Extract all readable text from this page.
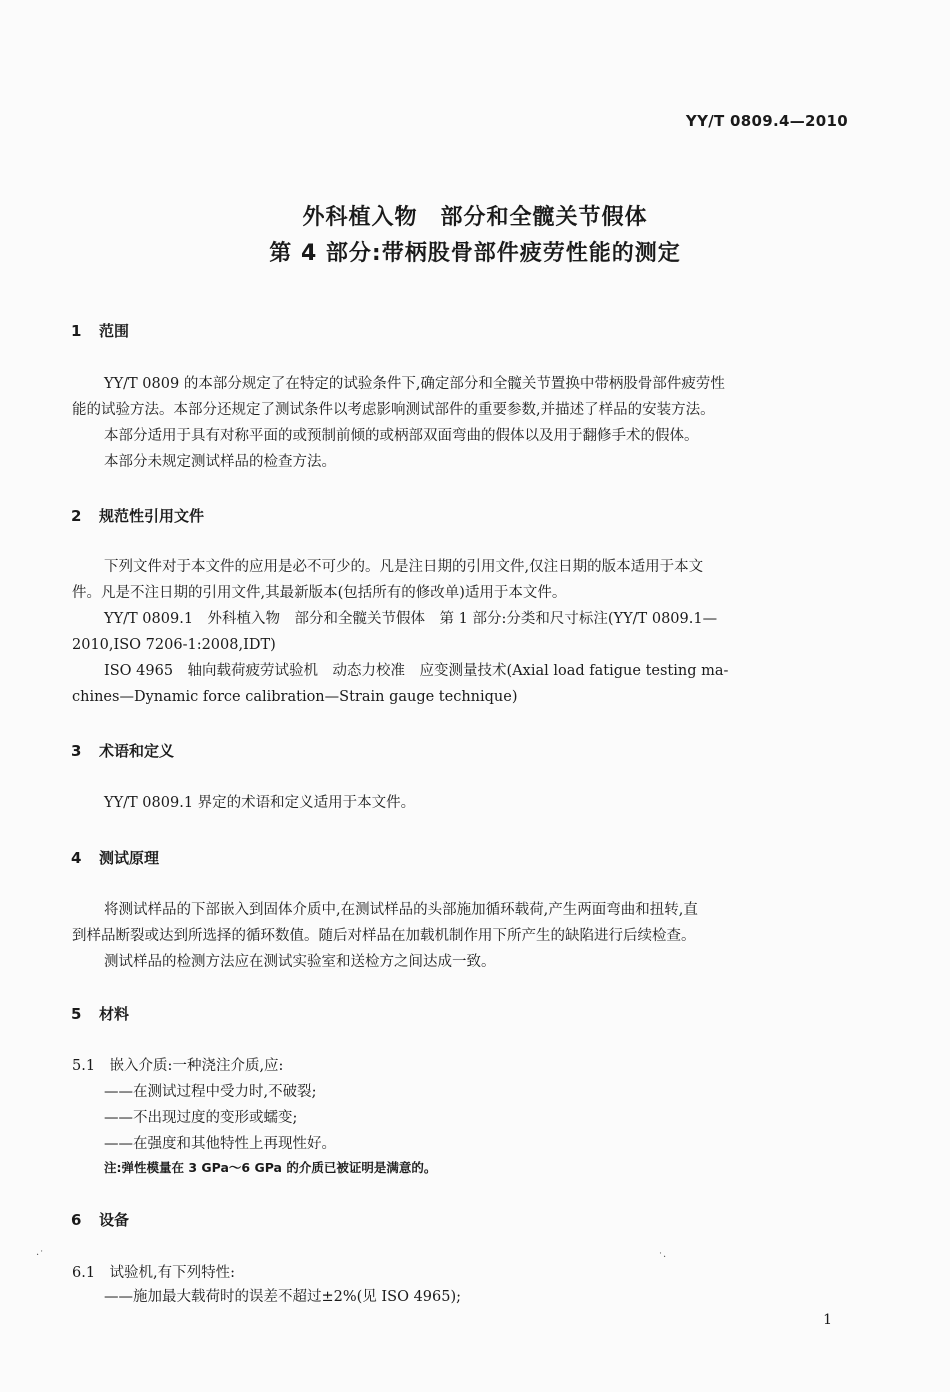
YY/T 0809.4—2010
外科植入物　部分和全髋关节假体
第 4 部分:带柄股骨部件疲劳性能的测定
1 范围
YY/T 0809 的本部分规定了在特定的试验条件下,确定部分和全髋关节置换中带柄股骨部件疲劳性
能的试验方法。本部分还规定了测试条件以考虑影响测试部件的重要参数,并描述了样品的安装方法。
本部分适用于具有对称平面的或预制前倾的或柄部双面弯曲的假体以及用于翻修手术的假体。
本部分未规定测试样品的检查方法。
2 规范性引用文件
下列文件对于本文件的应用是必不可少的。凡是注日期的引用文件,仅注日期的版本适用于本文
件。凡是不注日期的引用文件,其最新版本(包括所有的修改单)适用于本文件。
YY/T 0809.1　外科植入物　部分和全髋关节假体　第 1 部分:分类和尺寸标注(YY/T 0809.1—
2010,ISO 7206-1:2008,IDT)
ISO 4965　轴向载荷疲劳试验机　动态力校准　应变测量技术(Axial load fatigue testing ma-
chines—Dynamic force calibration—Strain gauge technique)
3 术语和定义
YY/T 0809.1 界定的术语和定义适用于本文件。
4 测试原理
将测试样品的下部嵌入到固体介质中,在测试样品的头部施加循环载荷,产生两面弯曲和扭转,直
到样品断裂或达到所选择的循环数值。随后对样品在加载机制作用下所产生的缺陷进行后续检查。
测试样品的检测方法应在测试实验室和送检方之间达成一致。
5 材料
5.1　嵌入介质:一种浇注介质,应:
——在测试过程中受力时,不破裂;
——不出现过度的变形或蠕变;
——在强度和其他特性上再现性好。
注:弹性模量在 3 GPa～6 GPa 的介质已被证明是满意的。
6 设备
6.1　试验机,有下列特性:
——施加最大载荷时的误差不超过±2%(见 ISO 4965);
1
·˙	˙·
